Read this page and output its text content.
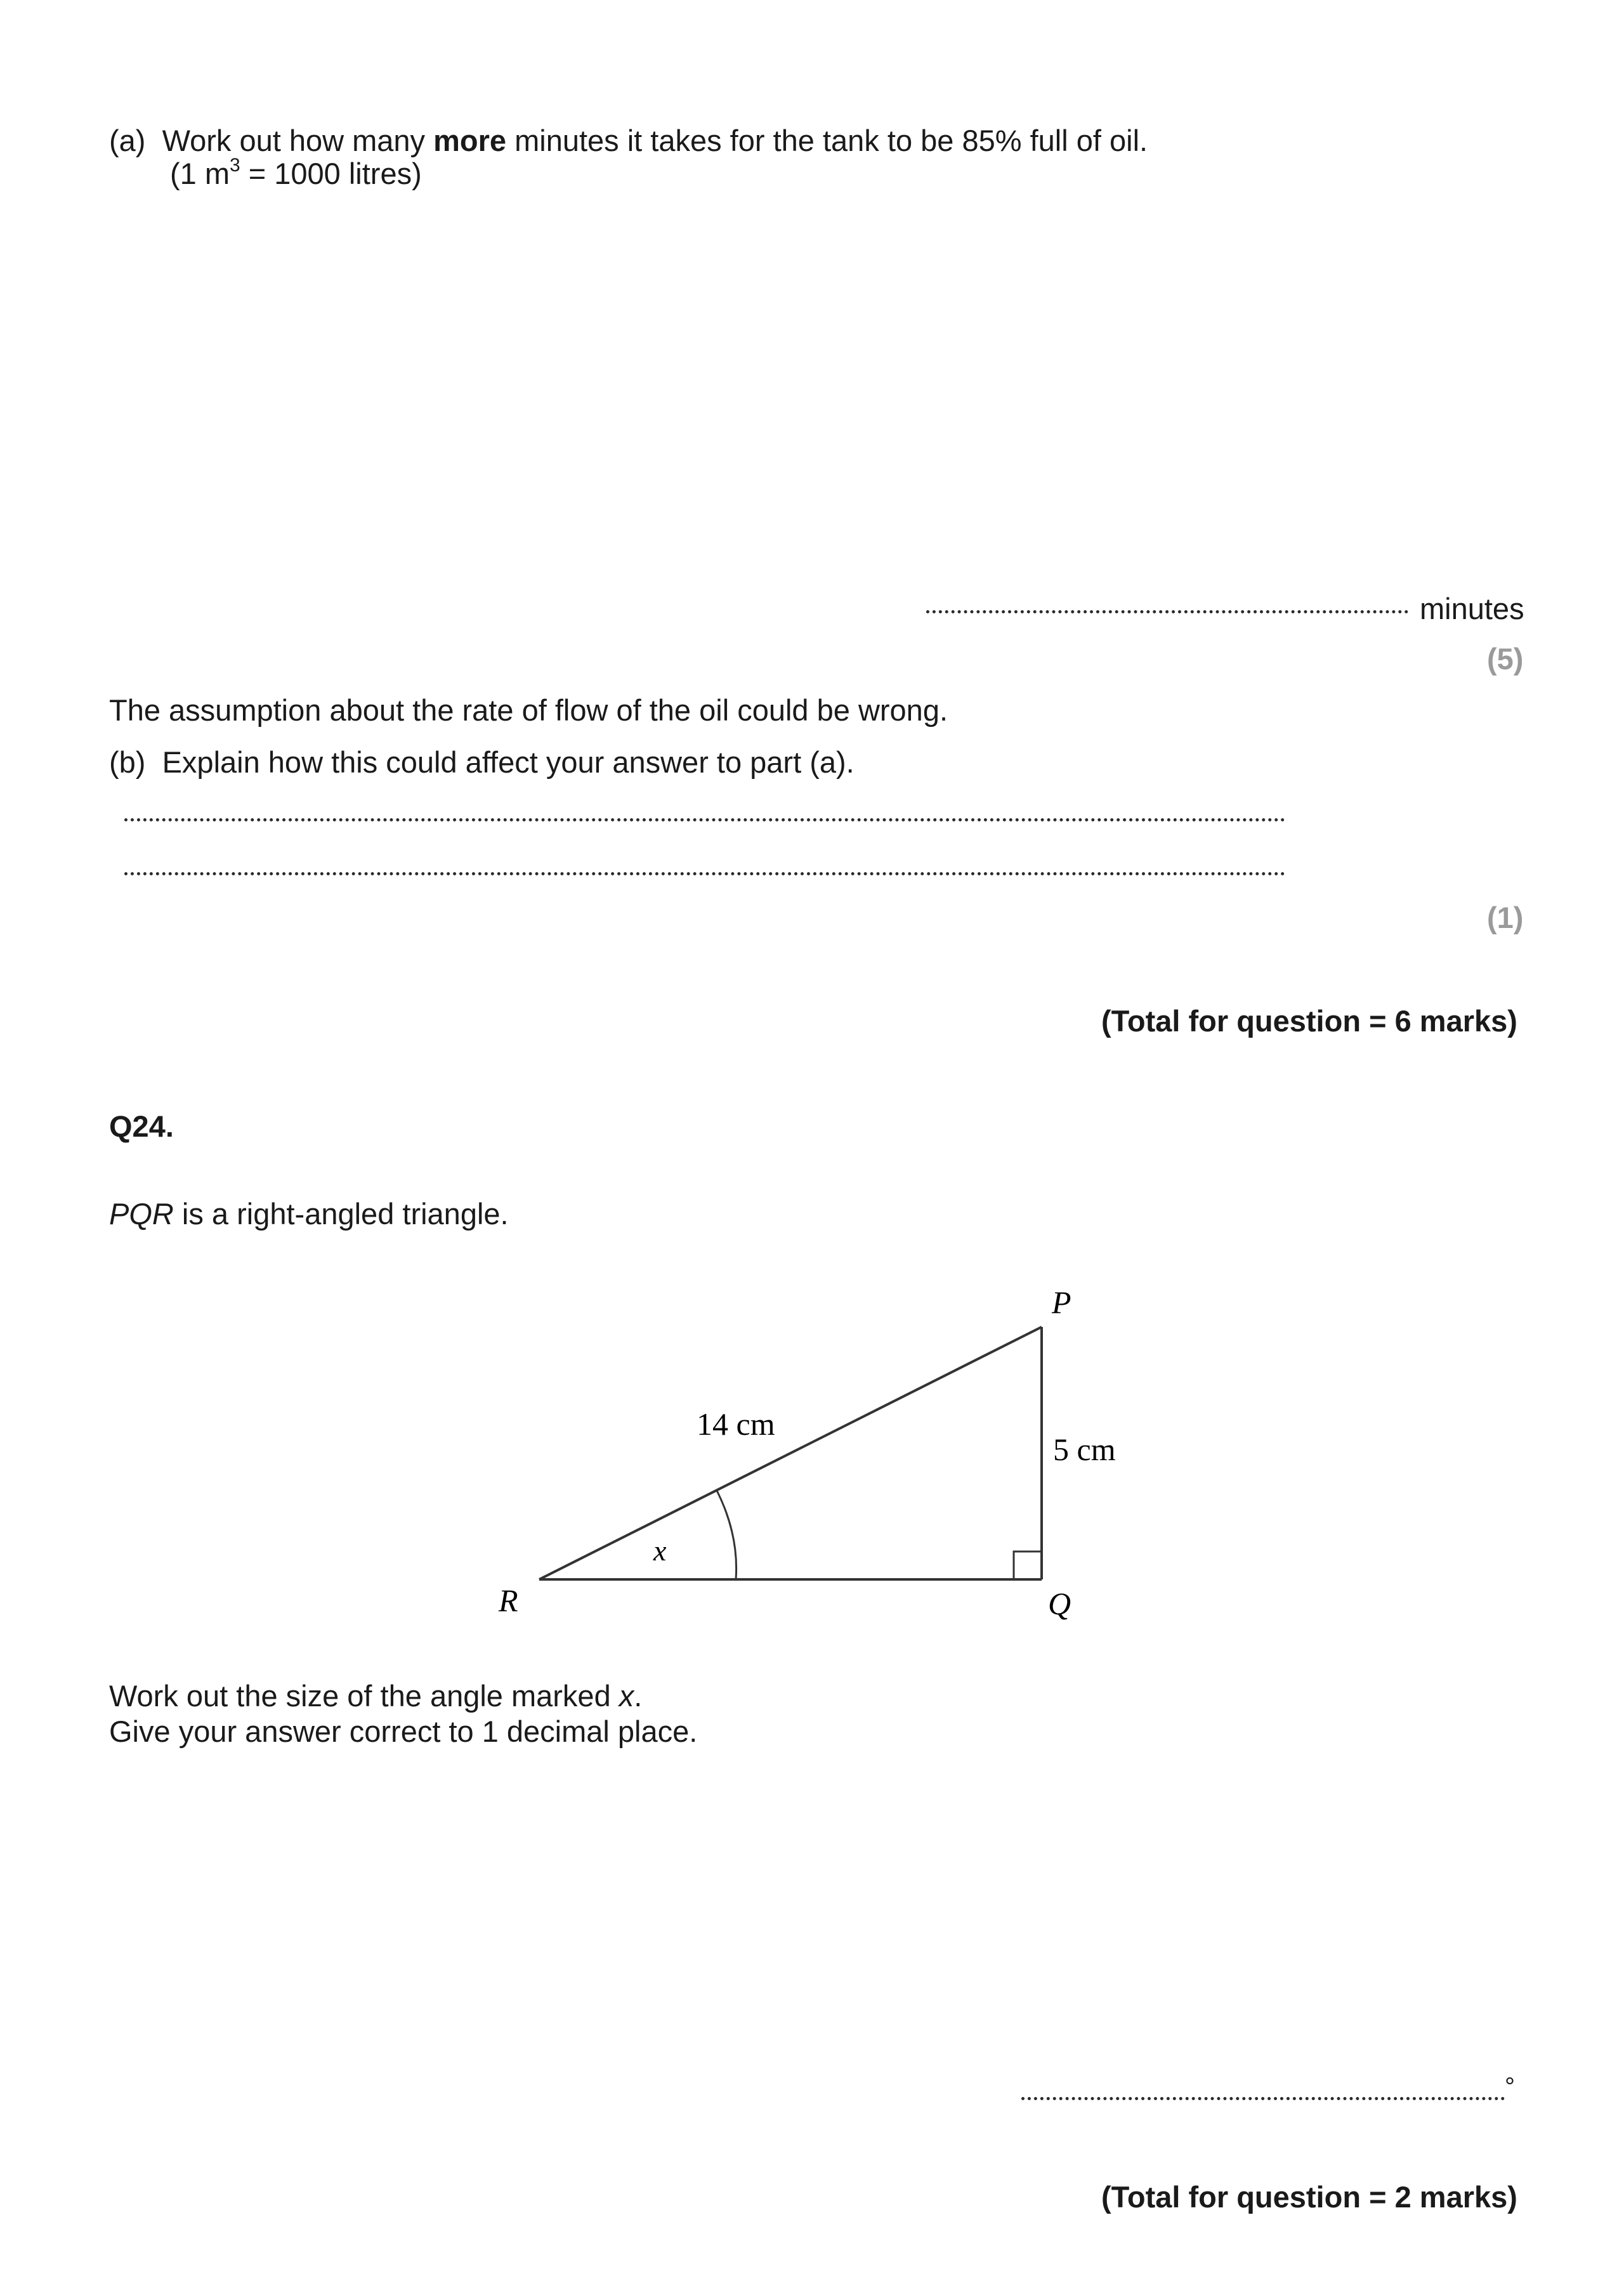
(a) Work out how many more minutes it takes for the tank to be 85% full of oil.

(1 $m^3 = 1000$ litres)

minutes

(5)

The assumption about the rate of flow of the oil could be wrong.

(b) Explain how this could affect your answer to part (a).

(1)

(Total for question = 6 marks)

Q24.

PQR is a right-angled triangle.

P
Q
R
14 cm
5 cm
x

Work out the size of the angle marked x.

Give your answer correct to 1 decimal place.

°

(Total for question = 2 marks)
